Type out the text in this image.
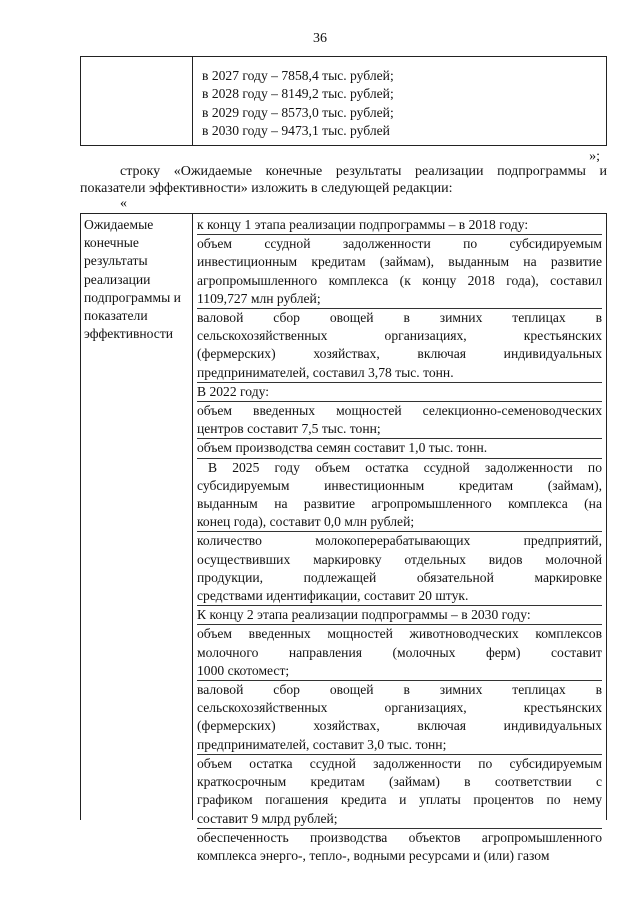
36
в 2027 году – 7858,4 тыс. рублей;
в 2028 году – 8149,2 тыс. рублей;
в 2029 году – 8573,0 тыс. рублей;
в 2030 году – 9473,1 тыс. рублей
»;
строку «Ожидаемые конечные результаты реализации подпрограммы и
показатели эффективности» изложить в следующей редакции:
«
Ожидаемые
конечные
результаты
реализации
подпрограммы и
показатели
эффективности
к концу 1 этапа реализации подпрограммы – в 2018 году:
объем ссудной задолженности по субсидируемым
инвестиционным кредитам (займам), выданным на развитие
агропромышленного комплекса (к концу 2018 года), составил
1109,727 млн рублей;
валовой сбор овощей в зимних теплицах в
сельскохозяйственных организациях, крестьянских
(фермерских) хозяйствах, включая индивидуальных
предпринимателей, составил 3,78 тыс. тонн.
В 2022 году:
объем введенных мощностей селекционно-семеноводческих
центров составит 7,5 тыс. тонн;
объем производства семян составит 1,0 тыс. тонн.
В 2025 году объем остатка ссудной задолженности по
субсидируемым инвестиционным кредитам (займам),
выданным на развитие агропромышленного комплекса (на
конец года), составит 0,0 млн рублей;
количество молокоперерабатывающих предприятий,
осуществивших маркировку отдельных видов молочной
продукции, подлежащей обязательной маркировке
средствами идентификации, составит 20 штук.
К концу 2 этапа реализации подпрограммы – в 2030 году:
объем введенных мощностей животноводческих комплексов
молочного направления (молочных ферм) составит
1000 скотомест;
валовой сбор овощей в зимних теплицах в
сельскохозяйственных организациях, крестьянских
(фермерских) хозяйствах, включая индивидуальных
предпринимателей, составит 3,0 тыс. тонн;
объем остатка ссудной задолженности по субсидируемым
краткосрочным кредитам (займам) в соответствии с
графиком погашения кредита и уплаты процентов по нему
составит 9 млрд рублей;
обеспеченность производства объектов агропромышленного
комплекса энерго-, тепло-, водными ресурсами и (или) газом
